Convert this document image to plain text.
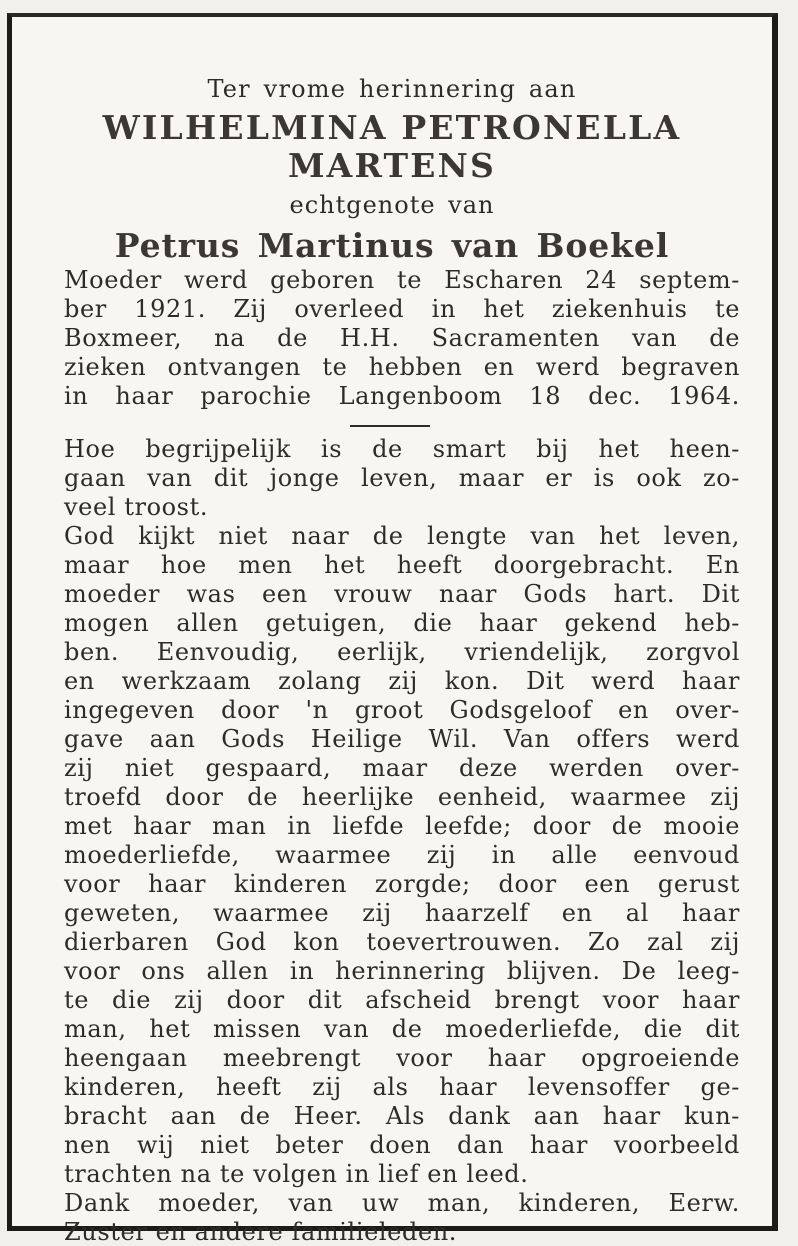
Ter vrome herinnering aan
WILHELMINA PETRONELLA
MARTENS
echtgenote van
Petrus Martinus van Boekel
Moeder werd geboren te Escharen 24 septem-
ber 1921. Zij overleed in het ziekenhuis te
Boxmeer, na de H.H. Sacramenten van de
zieken ontvangen te hebben en werd begraven
in haar parochie Langenboom 18 dec. 1964.
Hoe begrijpelijk is de smart bij het heen-
gaan van dit jonge leven, maar er is ook zo-
veel troost.
God kijkt niet naar de lengte van het leven,
maar hoe men het heeft doorgebracht. En
moeder was een vrouw naar Gods hart. Dit
mogen allen getuigen, die haar gekend heb-
ben. Eenvoudig, eerlijk, vriendelijk, zorgvol
en werkzaam zolang zij kon. Dit werd haar
ingegeven door 'n groot Godsgeloof en over-
gave aan Gods Heilige Wil. Van offers werd
zij niet gespaard, maar deze werden over-
troefd door de heerlijke eenheid, waarmee zij
met haar man in liefde leefde; door de mooie
moederliefde, waarmee zij in alle eenvoud
voor haar kinderen zorgde; door een gerust
geweten, waarmee zij haarzelf en al haar
dierbaren God kon toevertrouwen. Zo zal zij
voor ons allen in herinnering blijven. De leeg-
te die zij door dit afscheid brengt voor haar
man, het missen van de moederliefde, die dit
heengaan meebrengt voor haar opgroeiende
kinderen, heeft zij als haar levensoffer ge-
bracht aan de Heer. Als dank aan haar kun-
nen wij niet beter doen dan haar voorbeeld
trachten na te volgen in lief en leed.
Dank moeder, van uw man, kinderen, Eerw.
Zuster en andere familieleden.
